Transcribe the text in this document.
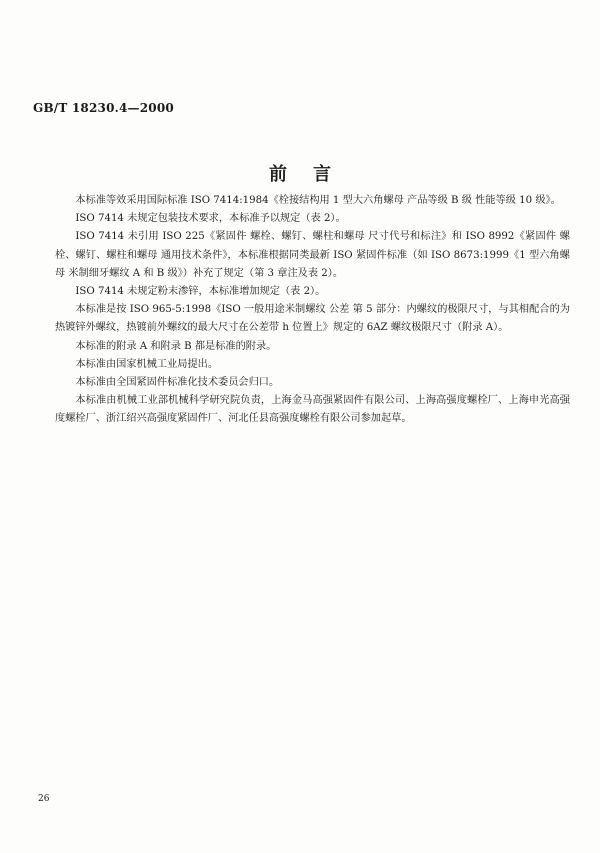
GB/T 18230.4—2000
前言

本标准等效采用国际标准 ISO 7414:1984《栓接结构用 1 型大六角螺母 产品等级 B 级 性能等级 10 级》。

ISO 7414 未规定包装技术要求，本标准予以规定（表 2）。

ISO 7414 未引用 ISO 225《紧固件 螺栓、螺钉、螺柱和螺母 尺寸代号和标注》和 ISO 8992《紧固件 螺栓、螺钉、螺柱和螺母 通用技术条件》，本标准根据同类最新 ISO 紧固件标准（如 ISO 8673:1999《1 型六角螺母 米制细牙螺纹 A 和 B 级》）补充了规定（第 3 章注及表 2）。

ISO 7414 未规定粉末渗锌，本标准增加规定（表 2）。

本标准是按 ISO 965-5:1998《ISO 一般用途米制螺纹 公差 第 5 部分：内螺纹的极限尺寸，与其相配合的为热镀锌外螺纹，热镀前外螺纹的最大尺寸在公差带 h 位置上》规定的 6AZ 螺纹极限尺寸（附录 A）。

本标准的附录 A 和附录 B 都是标准的附录。

本标准由国家机械工业局提出。

本标准由全国紧固件标准化技术委员会归口。

本标准由机械工业部机械科学研究院负责，上海金马高强紧固件有限公司、上海高强度螺栓厂、上海申光高强度螺栓厂、浙江绍兴高强度紧固件厂、河北任县高强度螺栓有限公司参加起草。

26
